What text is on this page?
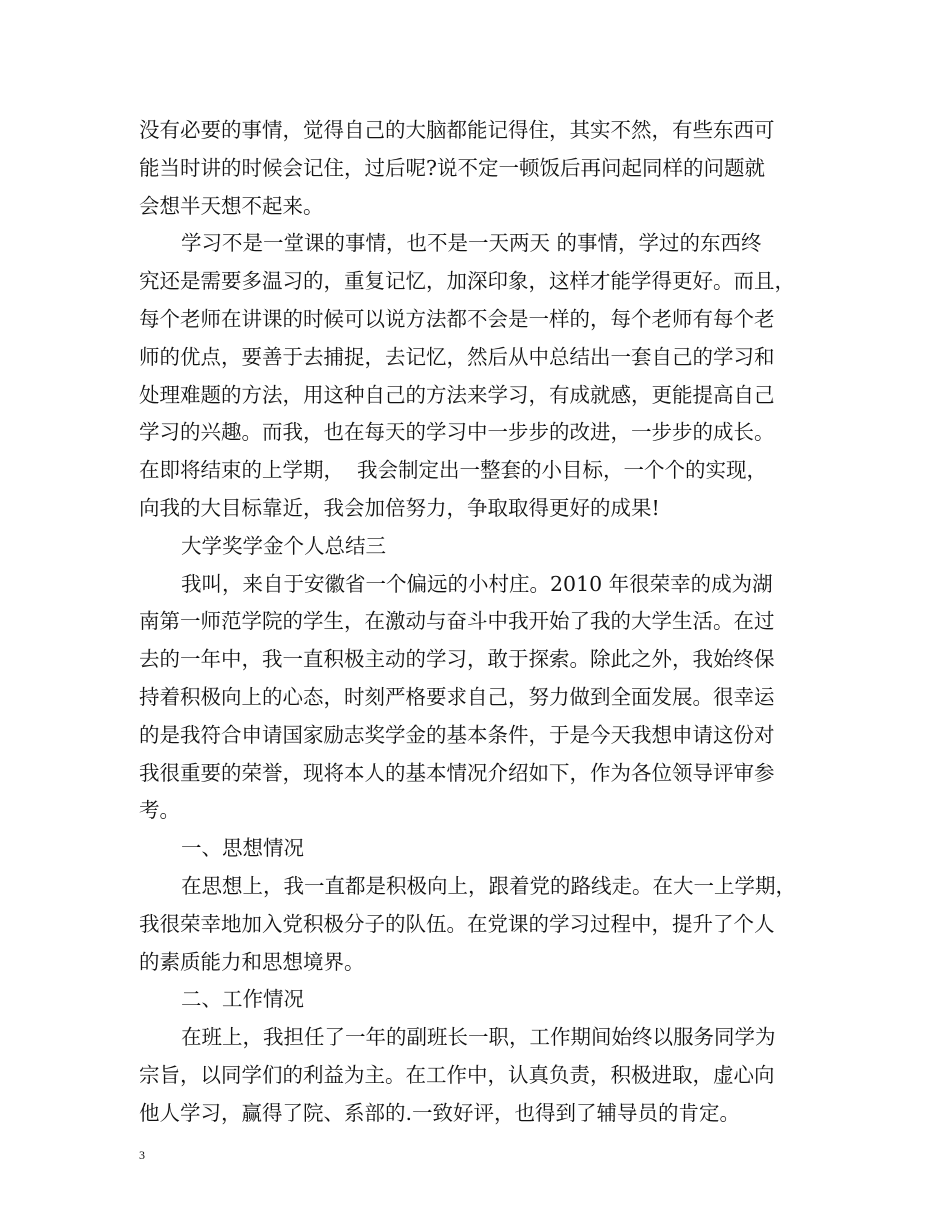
没有必要的事情，觉得自己的大脑都能记得住，其实不然，有些东西可
能当时讲的时候会记住，过后呢?说不定一顿饭后再问起同样的问题就
会想半天想不起来。
学习不是一堂课的事情，也不是一天两天 的事情，学过的东西终
究还是需要多温习的，重复记忆，加深印象，这样才能学得更好。而且，
每个老师在讲课的时候可以说方法都不会是一样的，每个老师有每个老
师的优点，要善于去捕捉，去记忆，然后从中总结出一套自己的学习和
处理难题的方法，用这种自己的方法来学习，有成就感，更能提高自己
学习的兴趣。而我，也在每天的学习中一步步的改进，一步步的成长。
在即将结束的上学期，  我会制定出一整套的小目标，一个个的实现，
向我的大目标靠近，我会加倍努力，争取取得更好的成果!
大学奖学金个人总结三
我叫，来自于安徽省一个偏远的小村庄。2010 年很荣幸的成为湖
南第一师范学院的学生，在激动与奋斗中我开始了我的大学生活。在过
去的一年中，我一直积极主动的学习，敢于探索。除此之外，我始终保
持着积极向上的心态，时刻严格要求自己，努力做到全面发展。很幸运
的是我符合申请国家励志奖学金的基本条件，于是今天我想申请这份对
我很重要的荣誉，现将本人的基本情况介绍如下，作为各位领导评审参
考。
一、思想情况
在思想上，我一直都是积极向上，跟着党的路线走。在大一上学期，
我很荣幸地加入党积极分子的队伍。在党课的学习过程中，提升了个人
的素质能力和思想境界。
二、工作情况
在班上，我担任了一年的副班长一职，工作期间始终以服务同学为
宗旨，以同学们的利益为主。在工作中，认真负责，积极进取，虚心向
他人学习，赢得了院、系部的.一致好评，也得到了辅导员的肯定。
3
